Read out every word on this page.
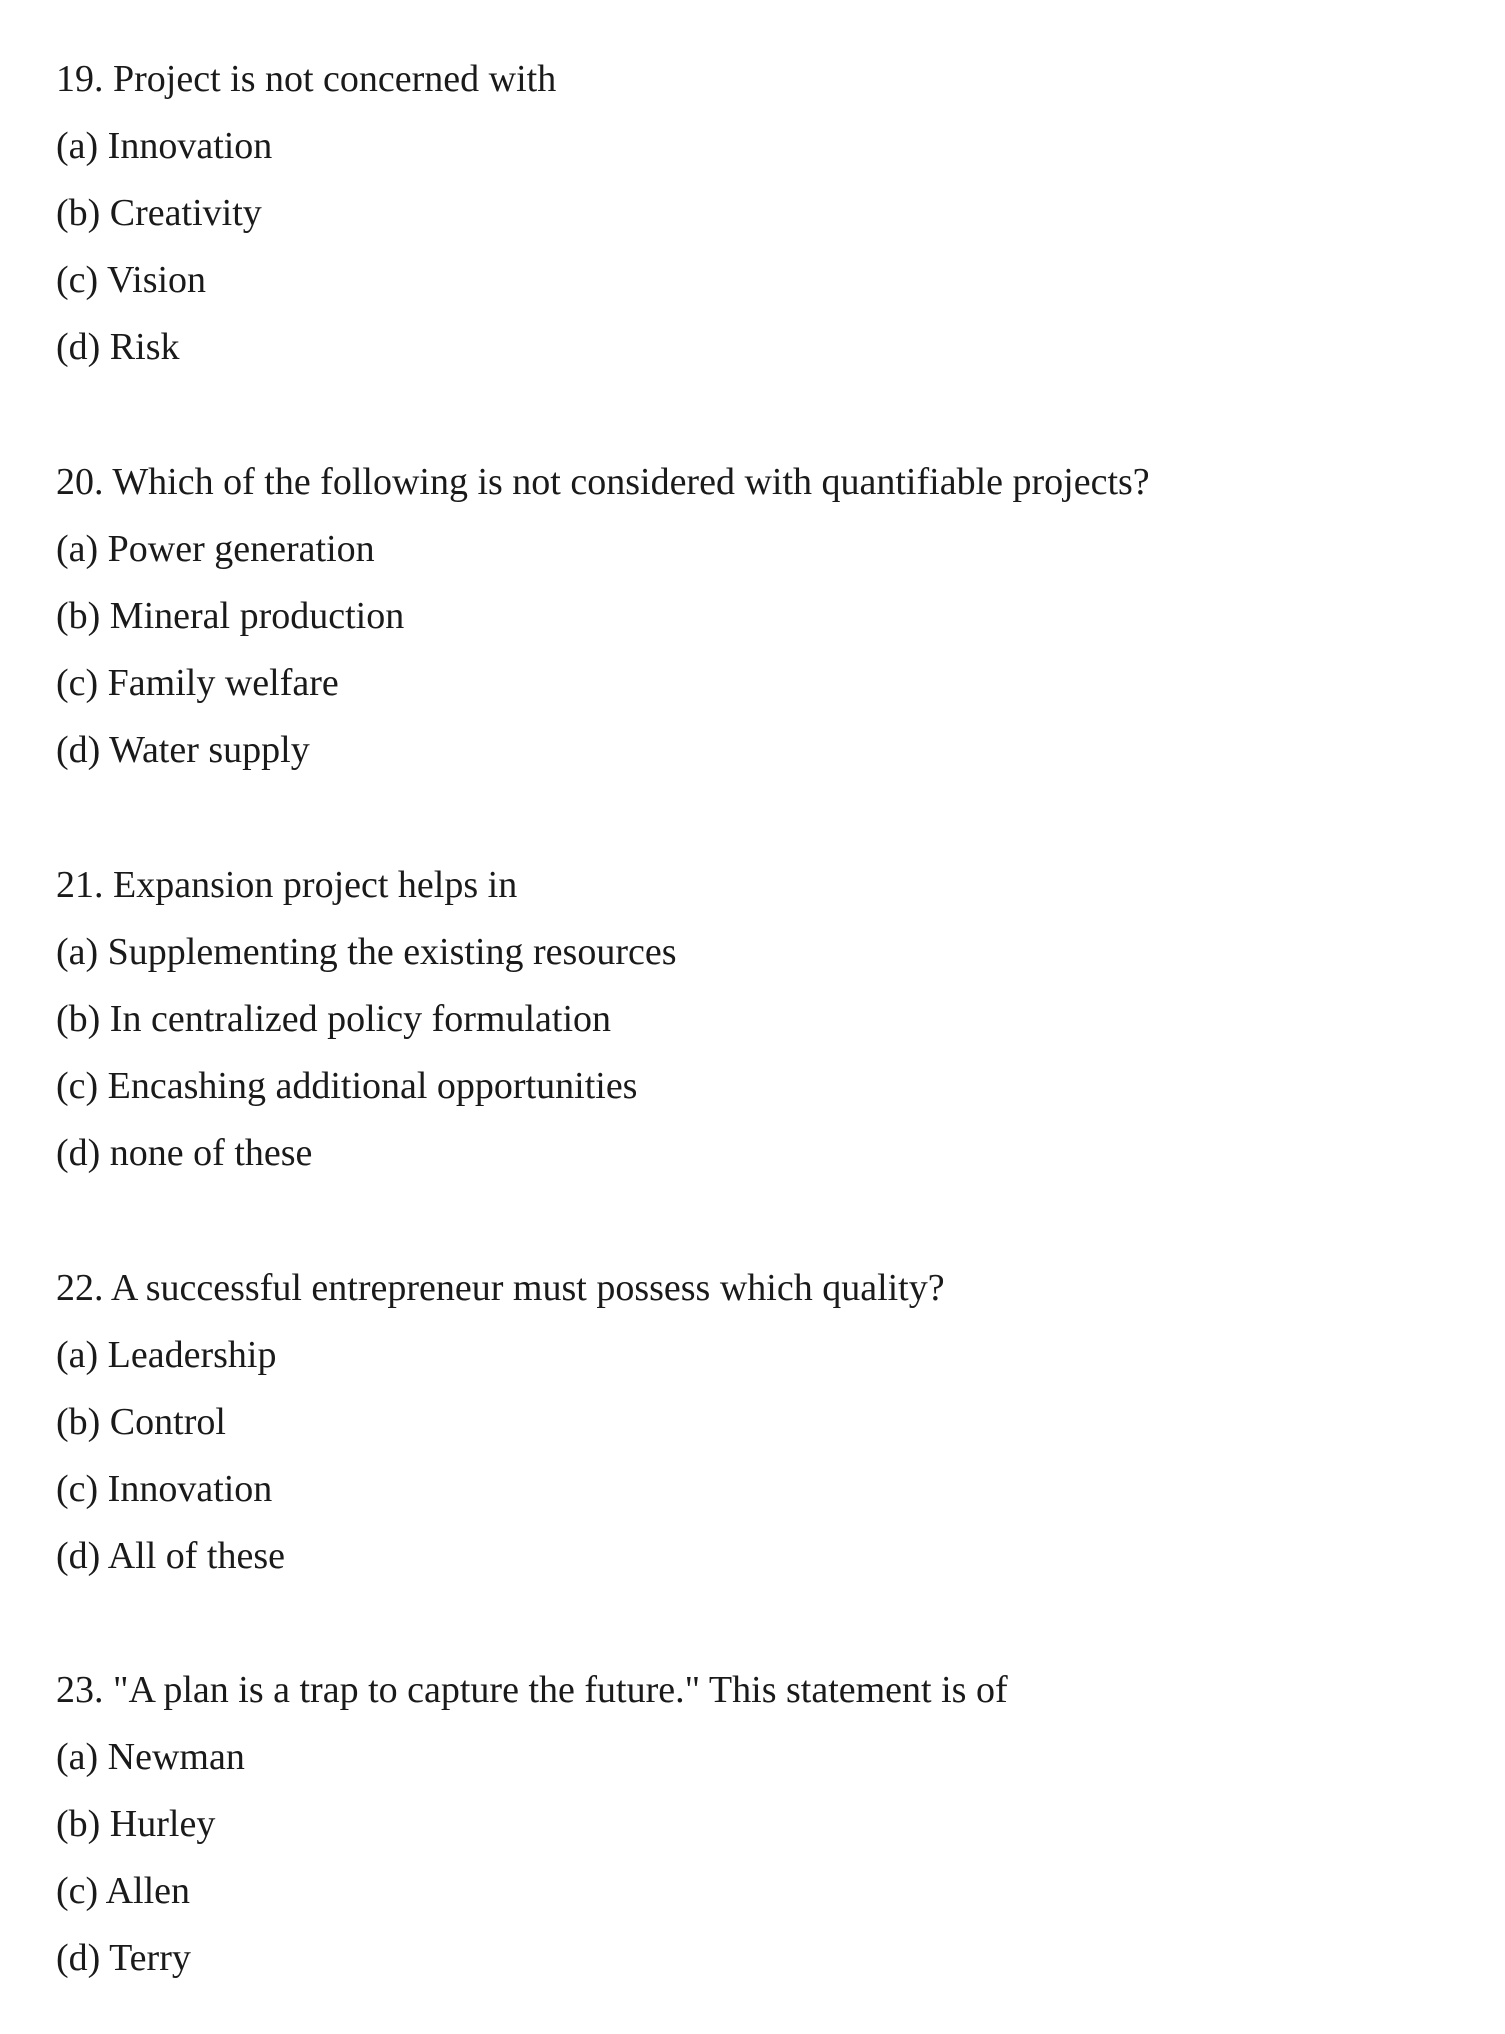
19. Project is not concerned with
(a) Innovation
(b) Creativity
(c) Vision
(d) Risk
20. Which of the following is not considered with quantifiable projects?
(a) Power generation
(b) Mineral production
(c) Family welfare
(d) Water supply
21. Expansion project helps in
(a) Supplementing the existing resources
(b) In centralized policy formulation
(c) Encashing additional opportunities
(d) none of these
22. A successful entrepreneur must possess which quality?
(a) Leadership
(b) Control
(c) Innovation
(d) All of these
23. "A plan is a trap to capture the future." This statement is of
(a) Newman
(b) Hurley
(c) Allen
(d) Terry
